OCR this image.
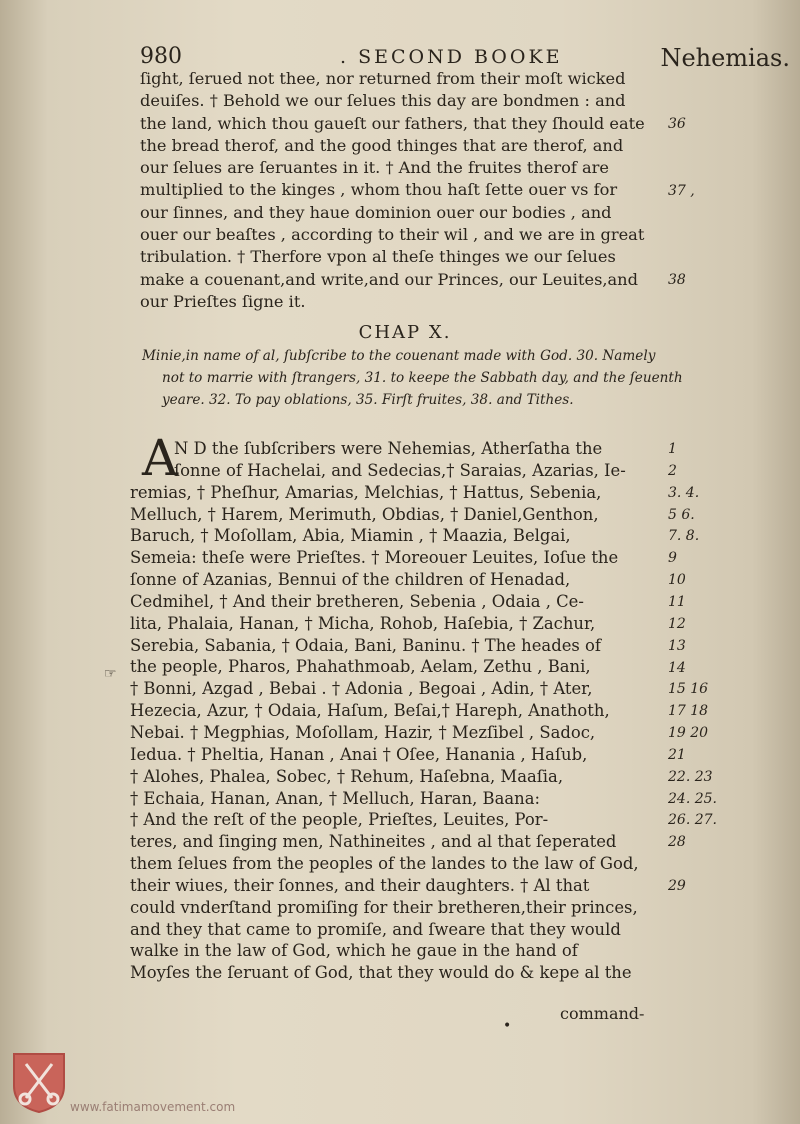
980	. SECOND BOOKE	Nehemias.
ſight, ſerued not thee, nor returned from their moſt wicked
deuiſes. † Behold we our ſelues this day are bondmen : and
the land, which thou gaueſt our fathers, that they ſhould eate
the bread therof, and the good thinges that are therof, and
our ſelues are ſeruantes in it. † And the fruites therof are
multiplied to the kinges , whom thou haſt ſette ouer vs for
our ſinnes, and they haue dominion ouer our bodies , and
ouer our beaſtes , according to their wil , and we are in great
tribulation. † Therfore vpon al theſe thinges we our ſelues
make a couenant,and write,and our Princes, our Leuites,and
our Prieſtes ſigne it.
36
37 ,
38
CHAP X.
Minie,in name of al, ſubſcribe to the couenant made with God. 30. Namely
not to marrie with ſtrangers, 31. to keepe the Sabbath day, and the ſeuenth
yeare. 32. To pay oblations, 35. Firſt fruites, 38. and Tithes.
A
N D the ſubſcribers were Nehemias, Atherſatha the
ſonne of Hachelai, and Sedecias,† Saraias, Azarias, Ie-
remias, † Pheſhur, Amarias, Melchias, † Hattus, Sebenia,
Melluch, † Harem, Merimuth, Obdias, † Daniel,Genthon,
Baruch, † Moſollam, Abia, Miamin , † Maazia, Belgai,
Semeia: theſe were Prieſtes. † Moreouer Leuites, Ioſue the
ſonne of Azanias, Bennui of the children of Henadad,
Cedmihel, † And their bretheren, Sebenia , Odaia , Ce-
lita, Phalaia, Hanan, † Micha, Rohob, Haſebia, † Zachur,
Serebia, Sabania, † Odaia, Bani, Baninu. † The heades of
the people, Pharos, Phahathmoab, Aelam, Zethu , Bani,
† Bonni, Azgad , Bebai . † Adonia , Begoai , Adin, † Ater,
Hezecia, Azur, † Odaia, Haſum, Beſai,† Hareph, Anathoth,
Nebai. † Megphias, Moſollam, Hazir, † Mezſibel , Sadoc,
Iedua. † Pheltia, Hanan , Anai † Oſee, Hanania , Haſub,
† Alohes, Phalea, Sobec, † Rehum, Haſebna, Maaſia,
† Echaia, Hanan, Anan, † Melluch, Haran, Baana:
† And the reſt of the people, Prieſtes, Leuites, Por-
teres, and ſinging men, Nathineites , and al that ſeperated
them ſelues from the peoples of the landes to the law of God,
their wiues, their ſonnes, and their daughters. † Al that
could vnderſtand promiſing for their bretheren,their princes,
and they that came to promiſe, and ſweare that they would
walke in the law of God, which he gaue in the hand of
Moyſes the ſeruant of God, that they would do & kepe al the
1
2
3. 4.
5 6.
7. 8.
9
10
11
12
13
14
15 16
17 18
19 20
21
22. 23
24. 25.
26. 27.
28
29
☞
•
command-
www.fatimamovement.com
